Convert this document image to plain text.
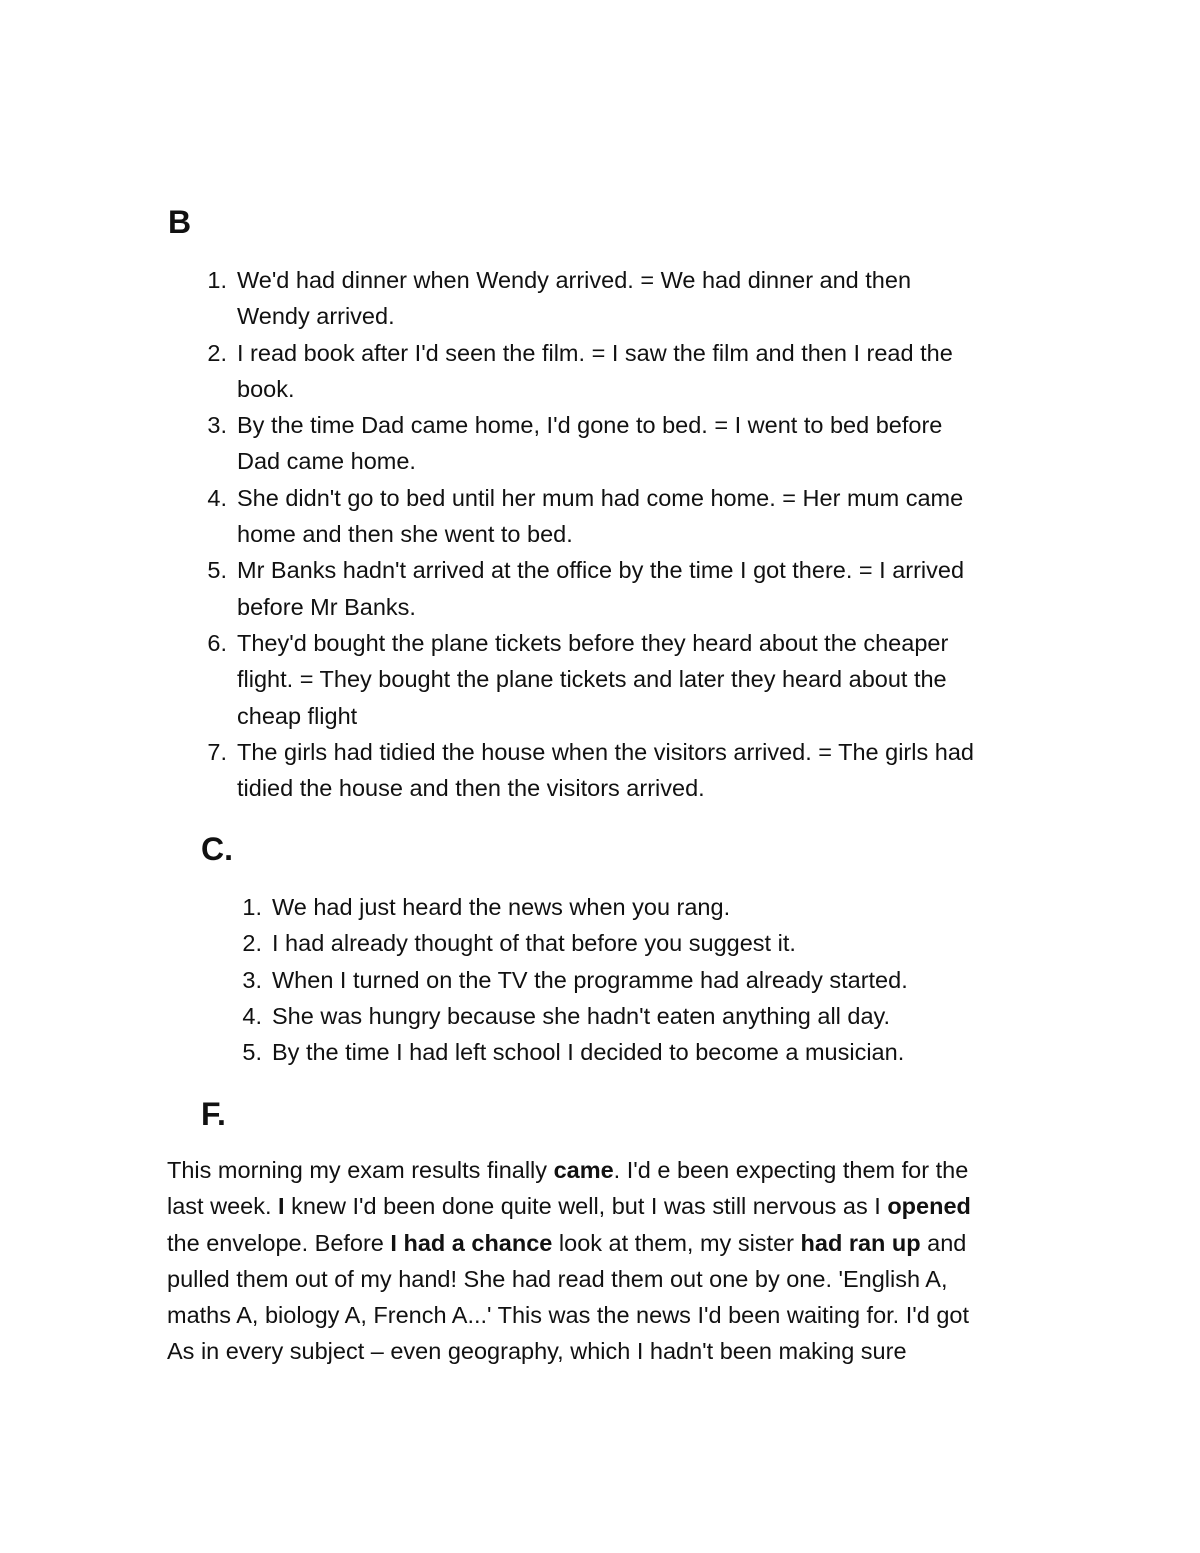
B
1. We'd had dinner when Wendy arrived. = We had dinner and then
Wendy arrived.
2. I read book after I'd seen the film. = I saw the film and then I read the
book.
3. By the time Dad came home, I'd gone to bed. = I went to bed before
Dad came home.
4. She didn't go to bed until her mum had come home. = Her mum came
home and then she went to bed.
5. Mr Banks hadn't arrived at the office by the time I got there. = I arrived
before Mr Banks.
6. They'd bought the plane tickets before they heard about the cheaper
flight. = They bought the plane tickets and later they heard about the
cheap flight
7. The girls had tidied the house when the visitors arrived. = The girls had
tidied the house and then the visitors arrived.
C.
1. We had just heard the news when you rang.
2. I had already thought of that before you suggest it.
3. When I turned on the TV the programme had already started.
4. She was hungry because she hadn't eaten anything all day.
5. By the time I had left school I decided to become a musician.
F.

This morning my exam results finally came. I'd e been expecting them for the
last week. I knew I'd been done quite well, but I was still nervous as I opened
the envelope. Before I had a chance look at them, my sister had ran up and
pulled them out of my hand! She had read them out one by one. 'English A,
maths A, biology A, French A...' This was the news I'd been waiting for. I'd got
As in every subject – even geography, which I hadn't been making sure
